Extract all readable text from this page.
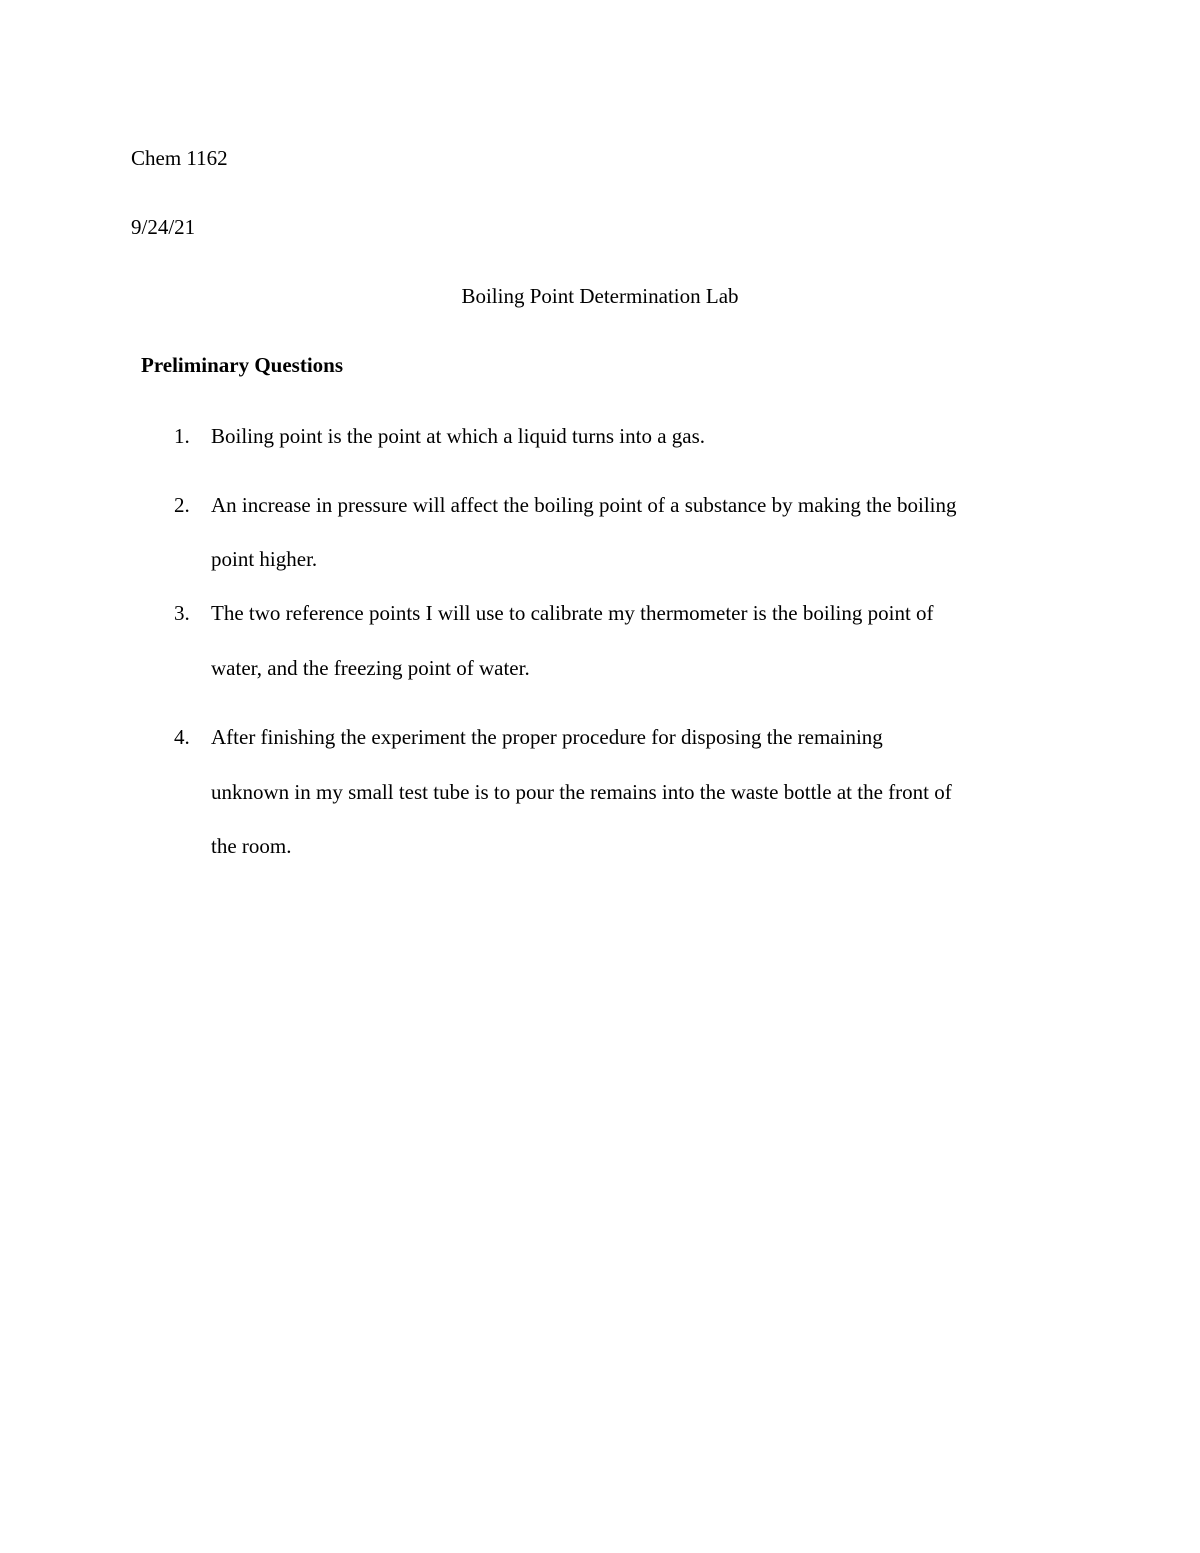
Chem 1162
9/24/21
Boiling Point Determination Lab
Preliminary Questions
1. Boiling point is the point at which a liquid turns into a gas.
2. An increase in pressure will affect the boiling point of a substance by making the boiling
point higher.
3. The two reference points I will use to calibrate my thermometer is the boiling point of
water, and the freezing point of water.
4. After finishing the experiment the proper procedure for disposing the remaining
unknown in my small test tube is to pour the remains into the waste bottle at the front of
the room.
